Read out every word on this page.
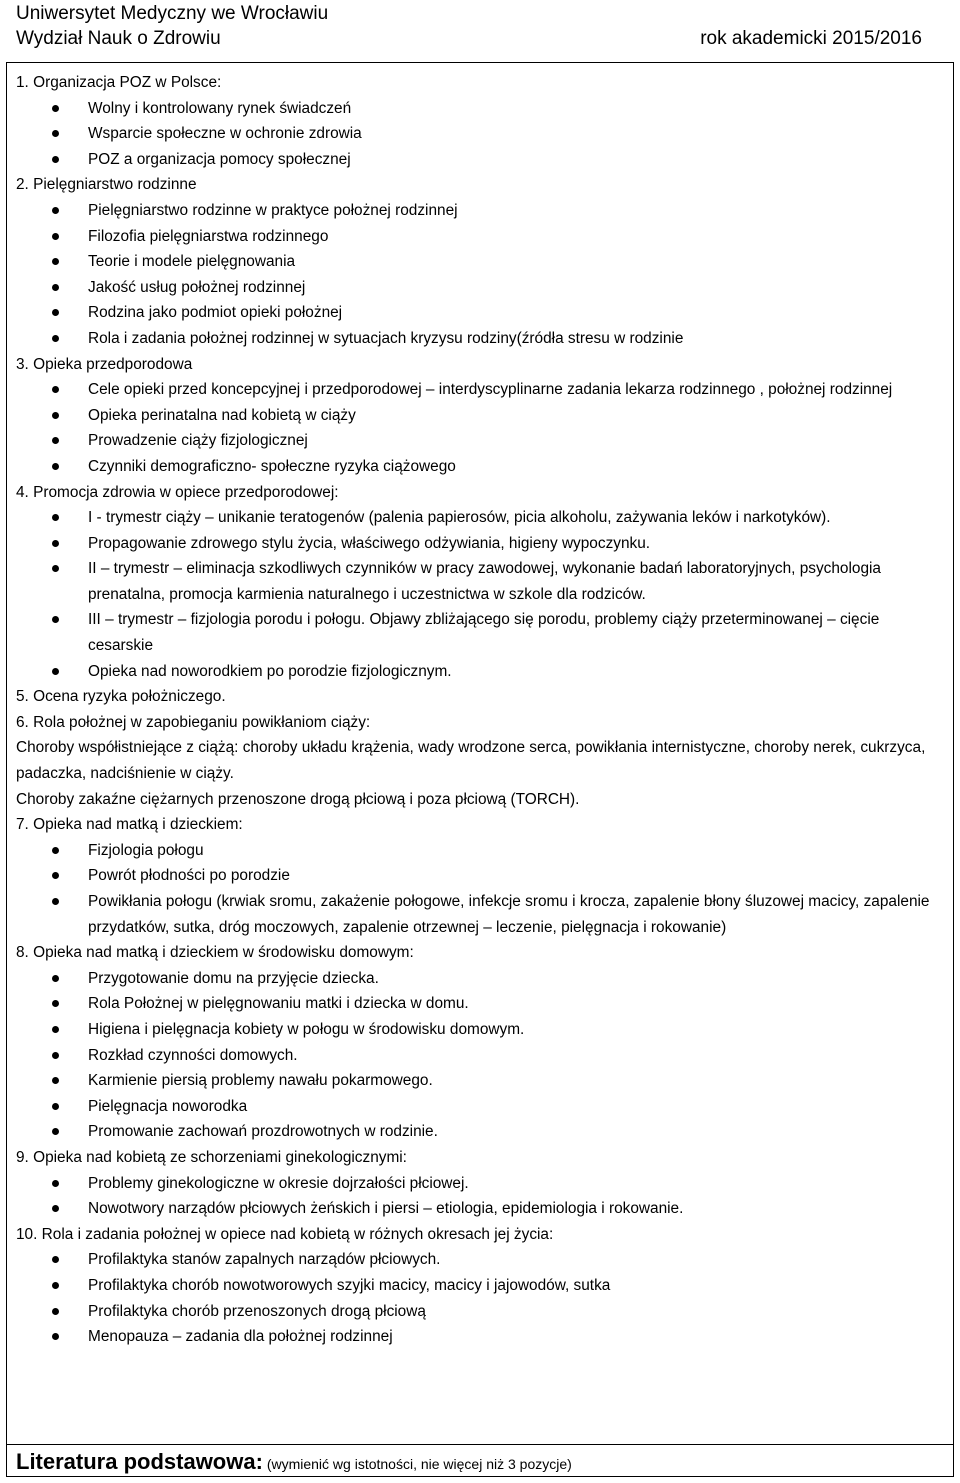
Uniwersytet Medyczny we Wrocławiu
Wydział Nauk o Zdrowiu	rok akademicki 2015/2016
1. Organizacja POZ w Polsce:
Wolny i kontrolowany rynek świadczeń
Wsparcie społeczne w ochronie zdrowia
POZ a organizacja pomocy społecznej
2. Pielęgniarstwo rodzinne
Pielęgniarstwo rodzinne w praktyce położnej rodzinnej
Filozofia pielęgniarstwa rodzinnego
Teorie i modele pielęgnowania
Jakość usług położnej rodzinnej
Rodzina jako podmiot opieki położnej
Rola i zadania położnej rodzinnej w sytuacjach kryzysu rodziny(źródła stresu w rodzinie
3. Opieka przedporodowa
Cele opieki przed koncepcyjnej i przedporodowej – interdyscyplinarne zadania lekarza rodzinnego , położnej rodzinnej
Opieka perinatalna nad kobietą w ciąży
Prowadzenie ciąży fizjologicznej
Czynniki demograficzno- społeczne ryzyka ciążowego
4. Promocja zdrowia w opiece przedporodowej:
I - trymestr ciąży – unikanie teratogenów (palenia papierosów, picia alkoholu, zażywania leków i narkotyków).
Propagowanie zdrowego stylu życia, właściwego odżywiania, higieny wypoczynku.
II – trymestr – eliminacja szkodliwych czynników w pracy zawodowej, wykonanie badań laboratoryjnych, psychologia prenatalna, promocja karmienia naturalnego i uczestnictwa w szkole dla rodziców.
III – trymestr – fizjologia porodu i połogu. Objawy zbliżającego się porodu, problemy ciąży przeterminowanej – cięcie cesarskie
Opieka nad noworodkiem po porodzie fizjologicznym.
5. Ocena ryzyka położniczego.
6. Rola położnej w zapobieganiu powikłaniom ciąży:
Choroby współistniejące z ciążą: choroby układu krążenia, wady wrodzone serca, powikłania internistyczne, choroby nerek, cukrzyca, padaczka, nadciśnienie w ciąży.
Choroby zakaźne ciężarnych przenoszone drogą płciową i poza płciową (TORCH).
7. Opieka nad matką i dzieckiem:
Fizjologia połogu
Powrót płodności po porodzie
Powikłania połogu (krwiak sromu, zakażenie połogowe, infekcje sromu i krocza, zapalenie błony śluzowej macicy, zapalenie przydatków, sutka, dróg moczowych, zapalenie otrzewnej – leczenie, pielęgnacja i rokowanie)
8. Opieka nad matką i dzieckiem w środowisku domowym:
Przygotowanie domu na przyjęcie dziecka.
Rola Położnej w pielęgnowaniu matki i dziecka w domu.
Higiena i pielęgnacja kobiety w połogu w środowisku domowym.
Rozkład czynności domowych.
Karmienie piersią problemy nawału pokarmowego.
Pielęgnacja noworodka
Promowanie zachowań prozdrowotnych w rodzinie.
9. Opieka nad kobietą ze schorzeniami ginekologicznymi:
Problemy ginekologiczne w okresie dojrzałości płciowej.
Nowotwory narządów płciowych żeńskich i piersi – etiologia, epidemiologia i rokowanie.
10. Rola i zadania położnej w opiece nad kobietą w różnych okresach jej życia:
Profilaktyka stanów zapalnych narządów płciowych.
Profilaktyka chorób nowotworowych szyjki macicy, macicy i jajowodów, sutka
Profilaktyka chorób przenoszonych drogą płciową
Menopauza – zadania dla położnej rodzinnej
Literatura podstawowa: (wymienić wg istotności, nie więcej niż 3 pozycje)
